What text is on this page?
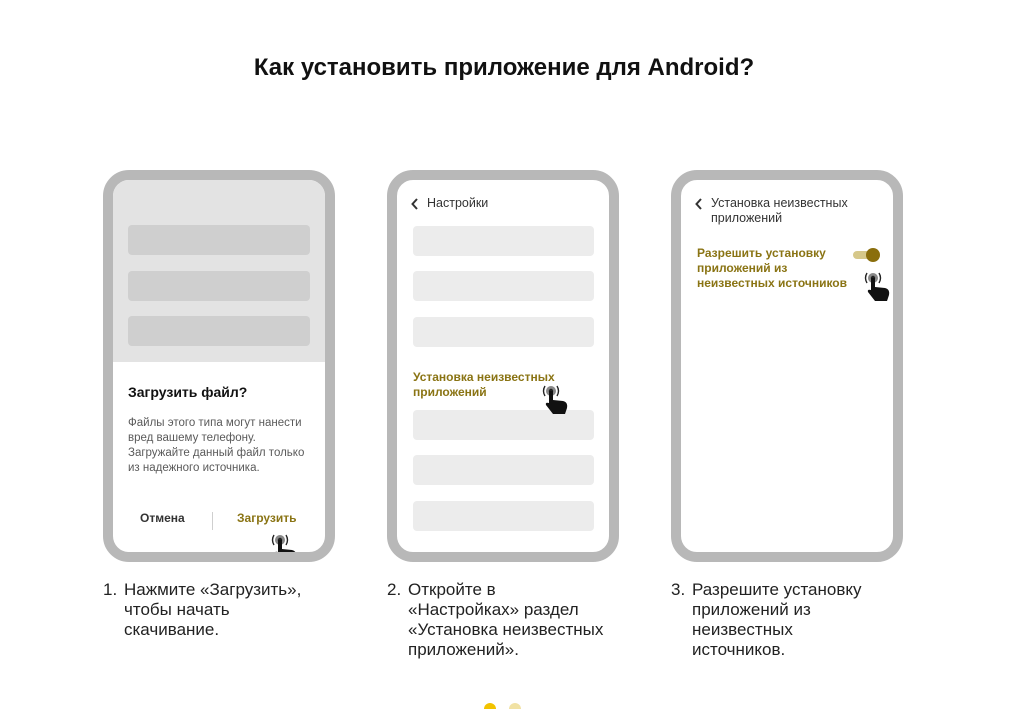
Как установить приложение для Android?
Загрузить файл?
Файлы этого типа могут нанести вред вашему телефону. Загружайте данный файл только из надежного источника.
Отмена	Загрузить
Настройки
Установка неизвестных приложений
Установка неизвестных приложений
Разрешить установку приложений из неизвестных источников
1. Нажмите «Загрузить»,
чтобы начать
скачивание.
2. Откройте в
«Настройках» раздел
«Установка неизвестных
приложений».
3. Разрешите установку
приложений из
неизвестных
источников.
